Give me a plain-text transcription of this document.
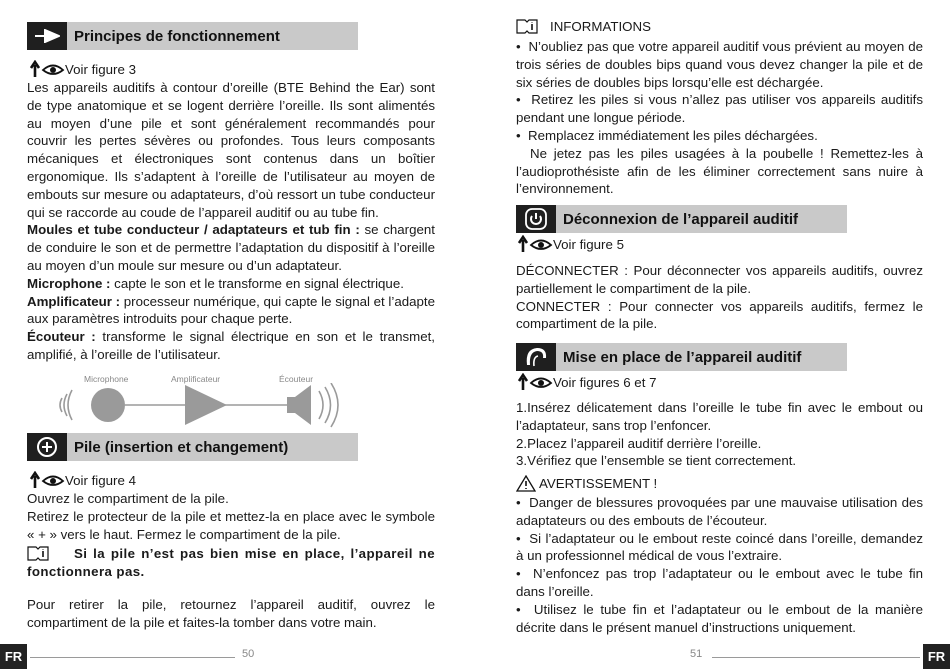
Principes de fonctionnement
Voir figure 3

Les appareils auditifs à contour d’oreille (BTE Behind the Ear) sont de type anatomique et se logent derrière l’oreille. Ils sont alimentés au moyen d’une pile et sont généralement recommandés pour couvrir les pertes sévères ou profondes. Tous leurs composants mécaniques et électroniques sont contenus dans un boîtier ergonomique. Ils s’adaptent à l’oreille de l’utilisateur au moyen de embouts sur mesure ou adaptateurs, d’où ressort un tube conducteur qui se raccorde au coude de l’appareil auditif ou au tube fin.

Moules et tube conducteur / adaptateurs et tub fin : se chargent de conduire le son et de permettre l’adaptation du dispositif à l’oreille au moyen d’un moule sur mesure ou d’un adaptateur.

Microphone : capte le son et le transforme en signal électrique.

Amplificateur : processeur numérique, qui capte le signal et l’adapte aux paramètres introduits pour chaque perte.

Écouteur : transforme le signal électrique en son et le transmet, amplifié, à l’oreille de l’utilisateur.

Microphone	Amplificateur	Écouteur
Pile (insertion et changement)
Voir figure 4

Ouvrez le compartiment de la pile.

Retirez le protecteur de la pile et mettez-la en place avec le symbole « + » vers le haut. Fermez le compartiment de la pile.

Si la pile n’est pas bien mise en place, l’appareil ne fonctionnera pas.

Pour retirer la pile, retournez l’appareil auditif, ouvrez le compartiment de la pile et faites-la tomber dans votre main.

INFORMATIONS

•  N’oubliez pas que votre appareil auditif vous prévient au moyen de trois séries de doubles bips quand vous devez changer la pile et de six séries de doubles bips lorsqu’elle est déchargée.

•  Retirez les piles si vous n’allez pas utiliser vos appareils auditifs pendant une longue période.

•  Remplacez immédiatement les piles déchargées.

Ne jetez pas les piles usagées à la poubelle ! Remettez-les à l’audioprothésiste afin de les éliminer correctement sans nuire à l’environnement.

Déconnexion de l’appareil auditif
Voir figure 5

DÉCONNECTER : Pour déconnecter vos appareils auditifs, ouvrez partiellement le compartiment de la pile.

CONNECTER : Pour connecter vos appareils auditifs, fermez le compartiment de la pile.

Mise en place de l’appareil auditif
Voir figures 6 et 7

1.Insérez délicatement dans l’oreille le tube fin avec le embout ou l’adaptateur, sans trop l’enfoncer.

2.Placez l’appareil auditif derrière l’oreille.

3.Vérifiez que l’ensemble se tient correctement.

AVERTISSEMENT !

•  Danger de blessures provoquées par une mauvaise utilisation des adaptateurs ou des embouts de l’écouteur.

•  Si l’adaptateur ou le embout reste coincé dans l’oreille, demandez à un professionnel médical de vous l’extraire.

•  N’enfoncez pas trop l’adaptateur ou le embout avec le tube fin dans l’oreille.

•  Utilisez le tube fin et l’adaptateur ou le embout de la manière décrite dans le présent manuel d’instructions uniquement.

FR	50	51	FR
